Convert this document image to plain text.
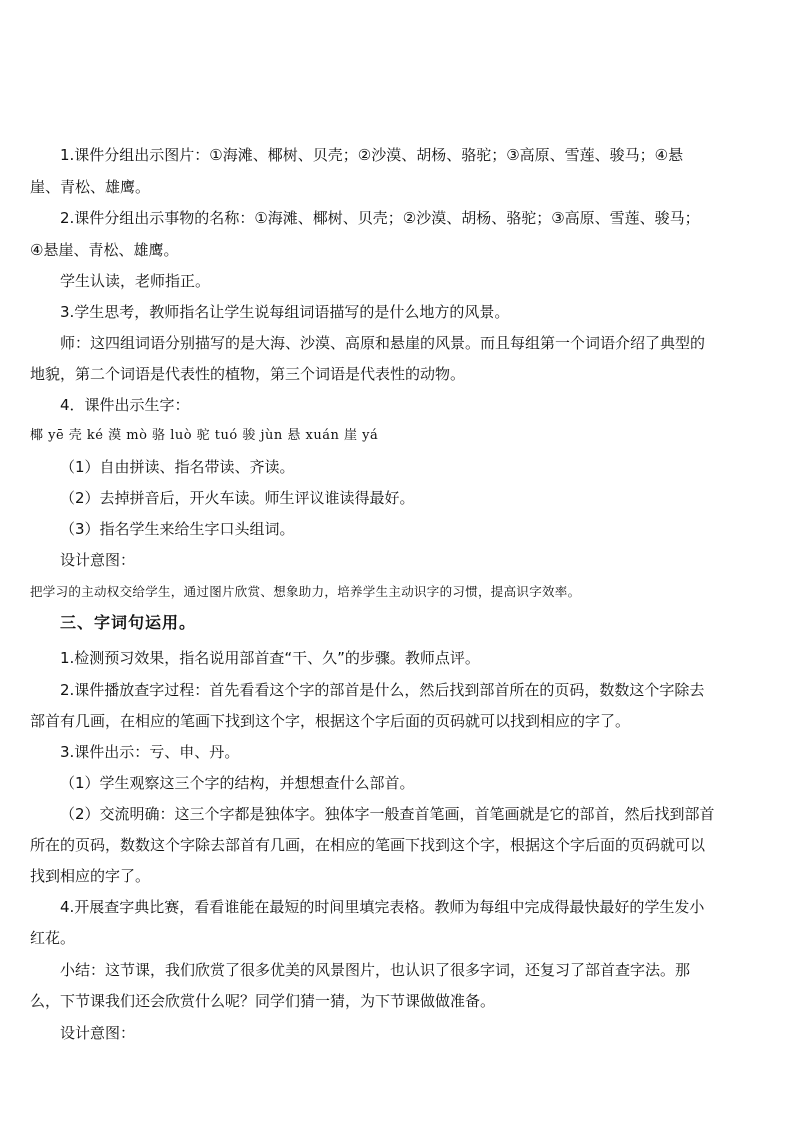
1.课件分组出示图片：①海滩、椰树、贝壳；②沙漠、胡杨、骆驼；③高原、雪莲、骏马；④悬

崖、青松、雄鹰。

2.课件分组出示事物的名称：①海滩、椰树、贝壳；②沙漠、胡杨、骆驼；③高原、雪莲、骏马；

④悬崖、青松、雄鹰。

学生认读，老师指正。

3.学生思考，教师指名让学生说每组词语描写的是什么地方的风景。

师：这四组词语分别描写的是大海、沙漠、高原和悬崖的风景。而且每组第一个词语介绍了典型的

地貌，第二个词语是代表性的植物，第三个词语是代表性的动物。

4．课件出示生字：

椰 yē 壳 ké 漠 mò 骆 luò 驼 tuó 骏 jùn 悬 xuán 崖 yá

（1）自由拼读、指名带读、齐读。

（2）去掉拼音后，开火车读。师生评议谁读得最好。

（3）指名学生来给生字口头组词。

设计意图：

把学习的主动权交给学生，通过图片欣赏、想象助力，培养学生主动识字的习惯，提高识字效率。

三、字词句运用。

1.检测预习效果，指名说用部首查“干、久”的步骤。教师点评。

2.课件播放查字过程：首先看看这个字的部首是什么，然后找到部首所在的页码，数数这个字除去

部首有几画，在相应的笔画下找到这个字，根据这个字后面的页码就可以找到相应的字了。

3.课件出示：亏、申、丹。

（1）学生观察这三个字的结构，并想想查什么部首。

（2）交流明确：这三个字都是独体字。独体字一般查首笔画，首笔画就是它的部首，然后找到部首

所在的页码，数数这个字除去部首有几画，在相应的笔画下找到这个字，根据这个字后面的页码就可以

找到相应的字了。

4.开展查字典比赛，看看谁能在最短的时间里填完表格。教师为每组中完成得最快最好的学生发小

红花。

小结：这节课，我们欣赏了很多优美的风景图片，也认识了很多字词，还复习了部首查字法。那

么，下节课我们还会欣赏什么呢？同学们猜一猜，为下节课做做准备。

设计意图：
